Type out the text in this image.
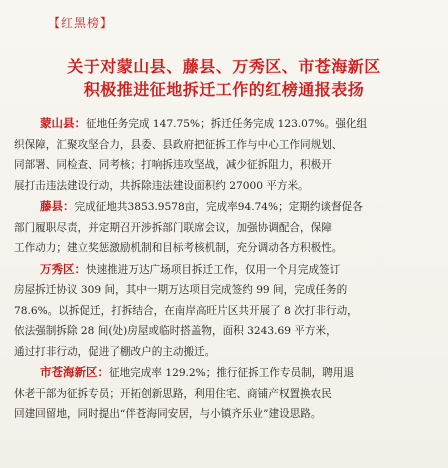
【红黑榜】
关于对蒙山县、藤县、万秀区、市苍海新区
积极推进征地拆迁工作的红榜通报表扬

蒙山县：征地任务完成 147.75%；拆迁任务完成 123.07%。强化组
织保障，汇聚攻坚合力，县委、县政府把征拆工作与中心工作同规划、
同部署、同检查、同考核；打响拆违攻坚战，减少征拆阻力，积极开
展打击违法建设行动，共拆除违法建设面积约 27000 平方米。

藤县：完成征地共3853.9578亩，完成率94.74%；定期约谈督促各
部门履职尽责，并定期召开涉拆部门联席会议，加强协调配合，保障
工作动力；建立奖惩激励机制和目标考核机制，充分调动各方积极性。

万秀区：快速推进万达广场项目拆迁工作，仅用一个月完成签订
房屋拆迁协议 309 间，其中一期万达项目完成签约 99 间，完成任务的
78.6%。以拆促迁，打拆结合，在南岸高旺片区共开展了 8 次打非行动，
依法强制拆除 28 间(处)房屋或临时搭盖物，面积 3243.69 平方米，
通过打非行动，促进了棚改户的主动搬迁。

市苍海新区：征地完成率 129.2%；推行征拆工作专员制，聘用退
休老干部为征拆专员；开拓创新思路，利用住宅、商铺产权置换农民
回建回留地，同时提出“伴苍海同安居，与小镇齐乐业”建设思路。
